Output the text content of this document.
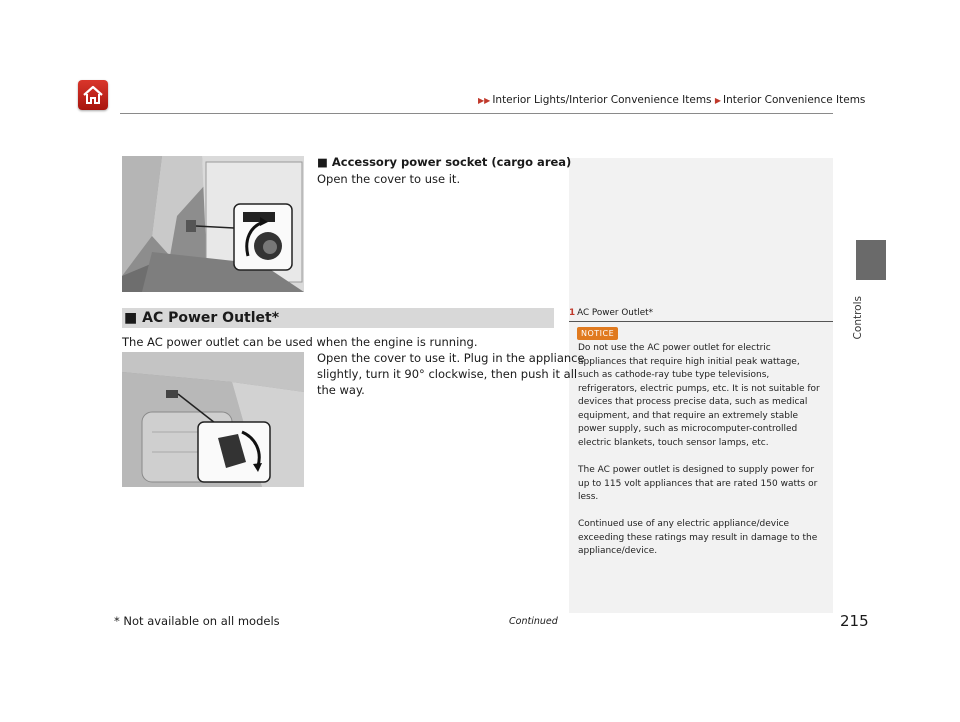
▶▶ Interior Lights/Interior Convenience Items ▶ Interior Convenience Items
Controls
■ Accessory power socket (cargo area)
Open the cover to use it.
■ AC Power Outlet*
The AC power outlet can be used when the engine is running.
Open the cover to use it. Plug in the appliance
slightly, turn it 90° clockwise, then push it all
the way.
1 AC Power Outlet*
NOTICE
Do not use the AC power outlet for electric
appliances that require high initial peak wattage,
such as cathode-ray tube type televisions,
refrigerators, electric pumps, etc. It is not suitable for
devices that process precise data, such as medical
equipment, and that require an extremely stable
power supply, such as microcomputer-controlled
electric blankets, touch sensor lamps, etc.
The AC power outlet is designed to supply power for
up to 115 volt appliances that are rated 150 watts or
less.
Continued use of any electric appliance/device
exceeding these ratings may result in damage to the
appliance/device.
* Not available on all models	Continued	215
